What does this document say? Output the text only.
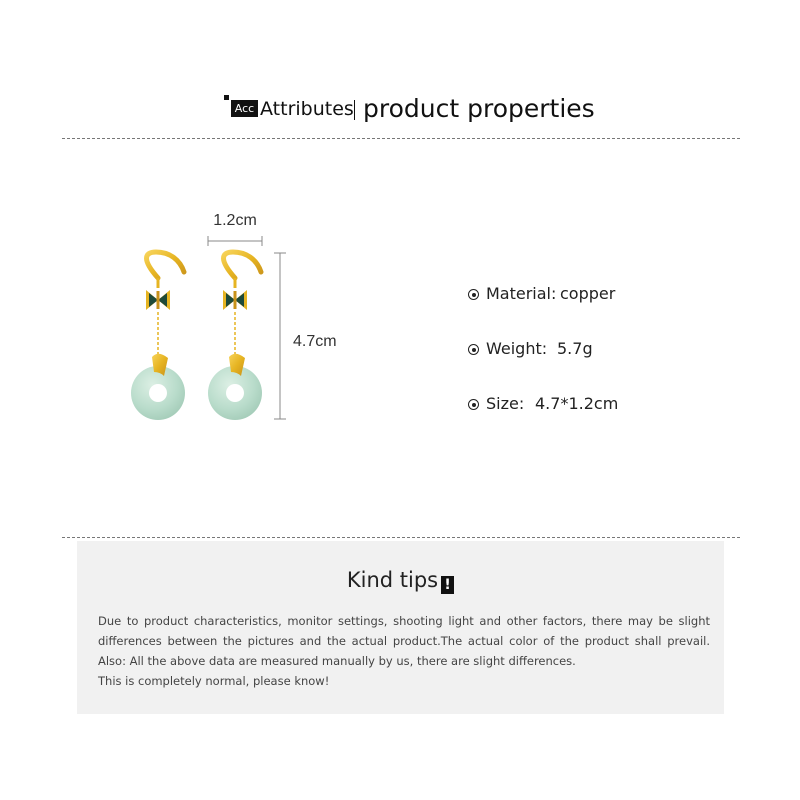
Acc Attributes product properties
1.2cm
4.7cm
Material: copper
Weight: 5.7g
Size: 4.7*1.2cm
Kind tips !

Due to product characteristics, monitor settings, shooting light and other factors, there may be slight differences between the pictures and the actual product.The actual color of the product shall prevail. Also: All the above data are measured manually by us, there are slight differences.

This is completely normal, please know!
